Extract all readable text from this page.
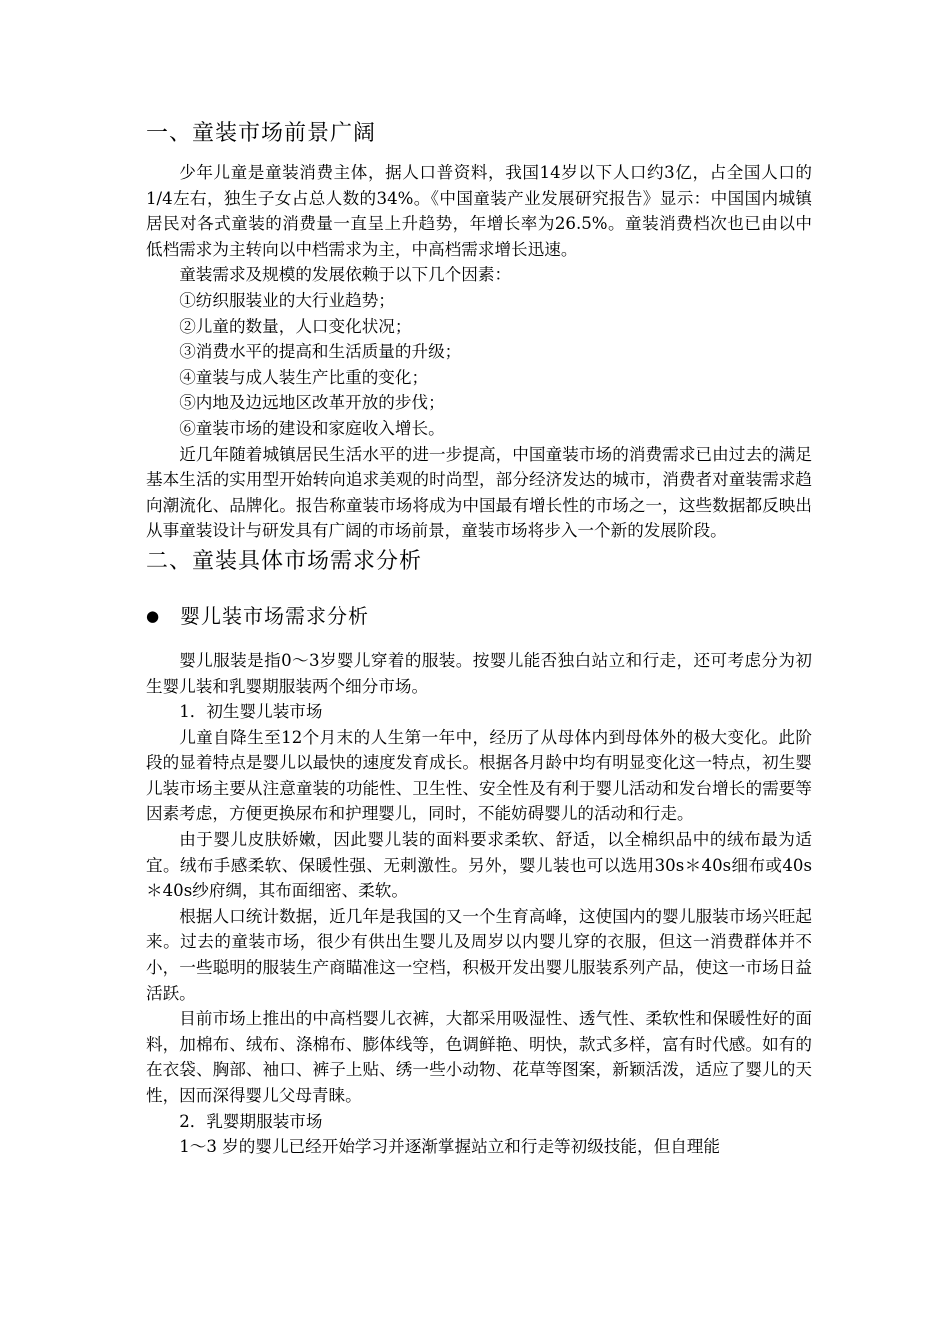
一、童装市场前景广阔

少年儿童是童装消费主体，据人口普资料，我国14岁以下人口约3亿，占全国人口的1/4左右，独生子女占总人数的34%。《中国童装产业发展研究报告》显示：中国国内城镇居民对各式童装的消费量一直呈上升趋势，年增长率为26.5%。童装消费档次也已由以中低档需求为主转向以中档需求为主，中高档需求增长迅速。

童装需求及规模的发展依赖于以下几个因素：

①纺织服装业的大行业趋势；

②儿童的数量，人口变化状况；

③消费水平的提高和生活质量的升级；

④童装与成人装生产比重的变化；

⑤内地及边远地区改革开放的步伐；

⑥童装市场的建设和家庭收入增长。

近几年随着城镇居民生活水平的进一步提高，中国童装市场的消费需求已由过去的满足基本生活的实用型开始转向追求美观的时尚型，部分经济发达的城市，消费者对童装需求趋向潮流化、品牌化。报告称童装市场将成为中国最有增长性的市场之一，这些数据都反映出从事童装设计与研发具有广阔的市场前景，童装市场将步入一个新的发展阶段。

二、童装具体市场需求分析
●	婴儿装市场需求分析

婴儿服装是指0～3岁婴儿穿着的服装。按婴儿能否独白站立和行走，还可考虑分为初生婴儿装和乳婴期服装两个细分市场。

1．初生婴儿装市场

儿童自降生至12个月末的人生第一年中，经历了从母体内到母体外的极大变化。此阶段的显着特点是婴儿以最快的速度发育成长。根据各月龄中均有明显变化这一特点，初生婴儿装市场主要从注意童装的功能性、卫生性、安全性及有利于婴儿活动和发台增长的需要等因素考虑，方便更换尿布和护理婴儿，同时，不能妨碍婴儿的活动和行走。

由于婴儿皮肤娇嫩，因此婴儿装的面料要求柔软、舒适，以全棉织品中的绒布最为适宜。绒布手感柔软、保暖性强、无刺激性。另外，婴儿装也可以选用30s＊40s细布或40s＊40s纱府绸，其布面细密、柔软。

根据人口统计数据，近几年是我国的又一个生育高峰，这使国内的婴儿服装市场兴旺起来。过去的童装市场，很少有供出生婴儿及周岁以内婴儿穿的衣服，但这一消费群体并不小，一些聪明的服装生产商瞄准这一空档，积极开发出婴儿服装系列产品，使这一市场日益活跃。

目前市场上推出的中高档婴儿衣裤，大都采用吸湿性、透气性、柔软性和保暖性好的面料，加棉布、绒布、涤棉布、膨体线等，色调鲜艳、明快，款式多样，富有时代感。如有的在衣袋、胸部、袖口、裤子上贴、绣一些小动物、花草等图案，新颖活泼，适应了婴儿的天性，因而深得婴儿父母青睐。

2．乳婴期服装市场

1～3 岁的婴儿已经开始学习并逐渐掌握站立和行走等初级技能，但自理能
